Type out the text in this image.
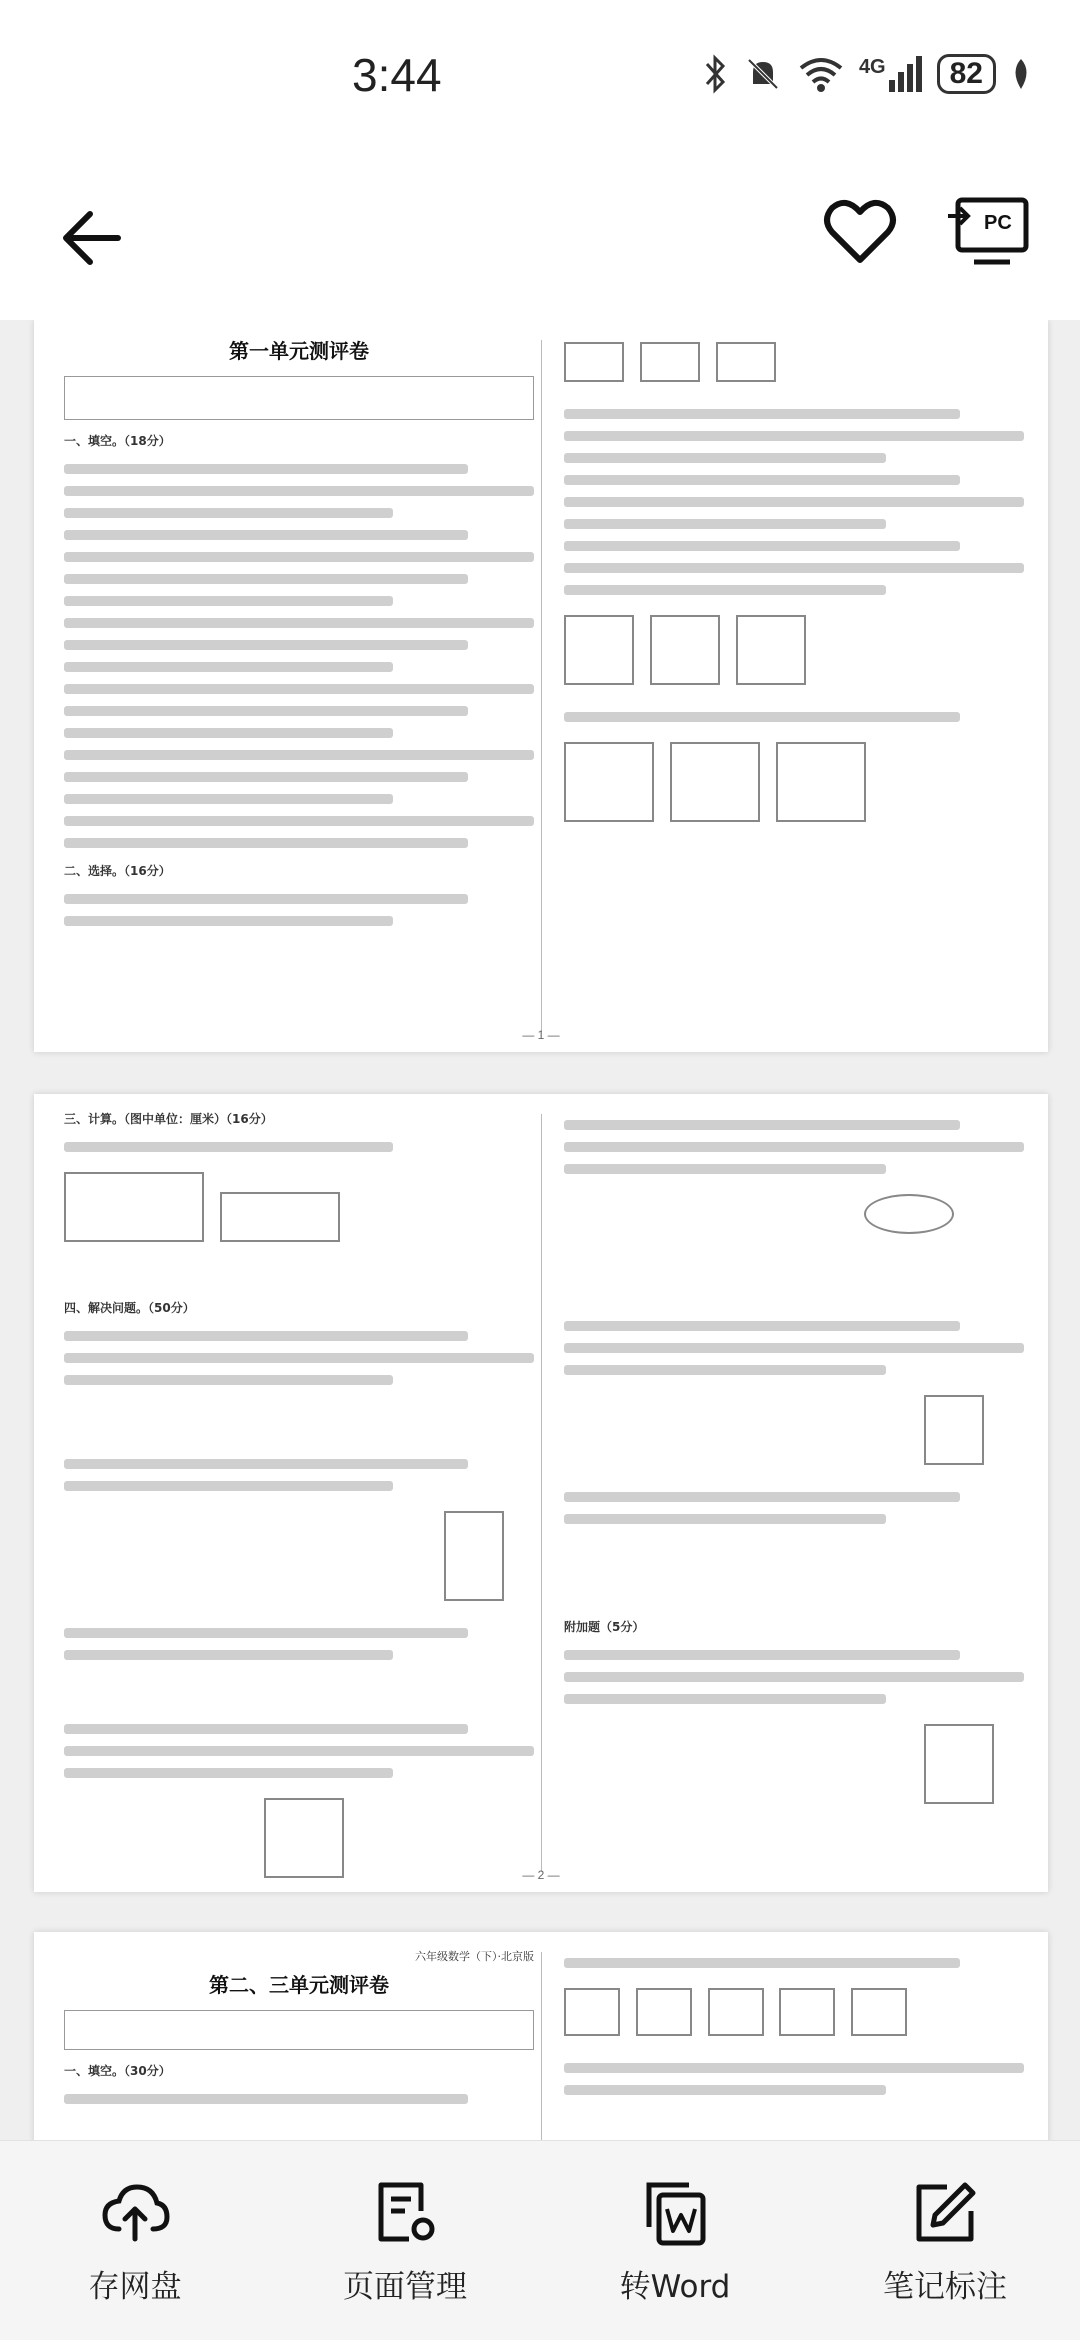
3:44	4G	82
PC
第一单元测评卷
一、填空。（18分）
二、选择。（16分）

— 1 —
三、计算。（图中单位：厘米）（16分）

四、解决问题。（50分）
附加题（5分）
— 2 —
六年级数学（下）·北京版
第二、三单元测评卷
一、填空。（30分）

存网盘	页面管理	转Word	笔记标注
